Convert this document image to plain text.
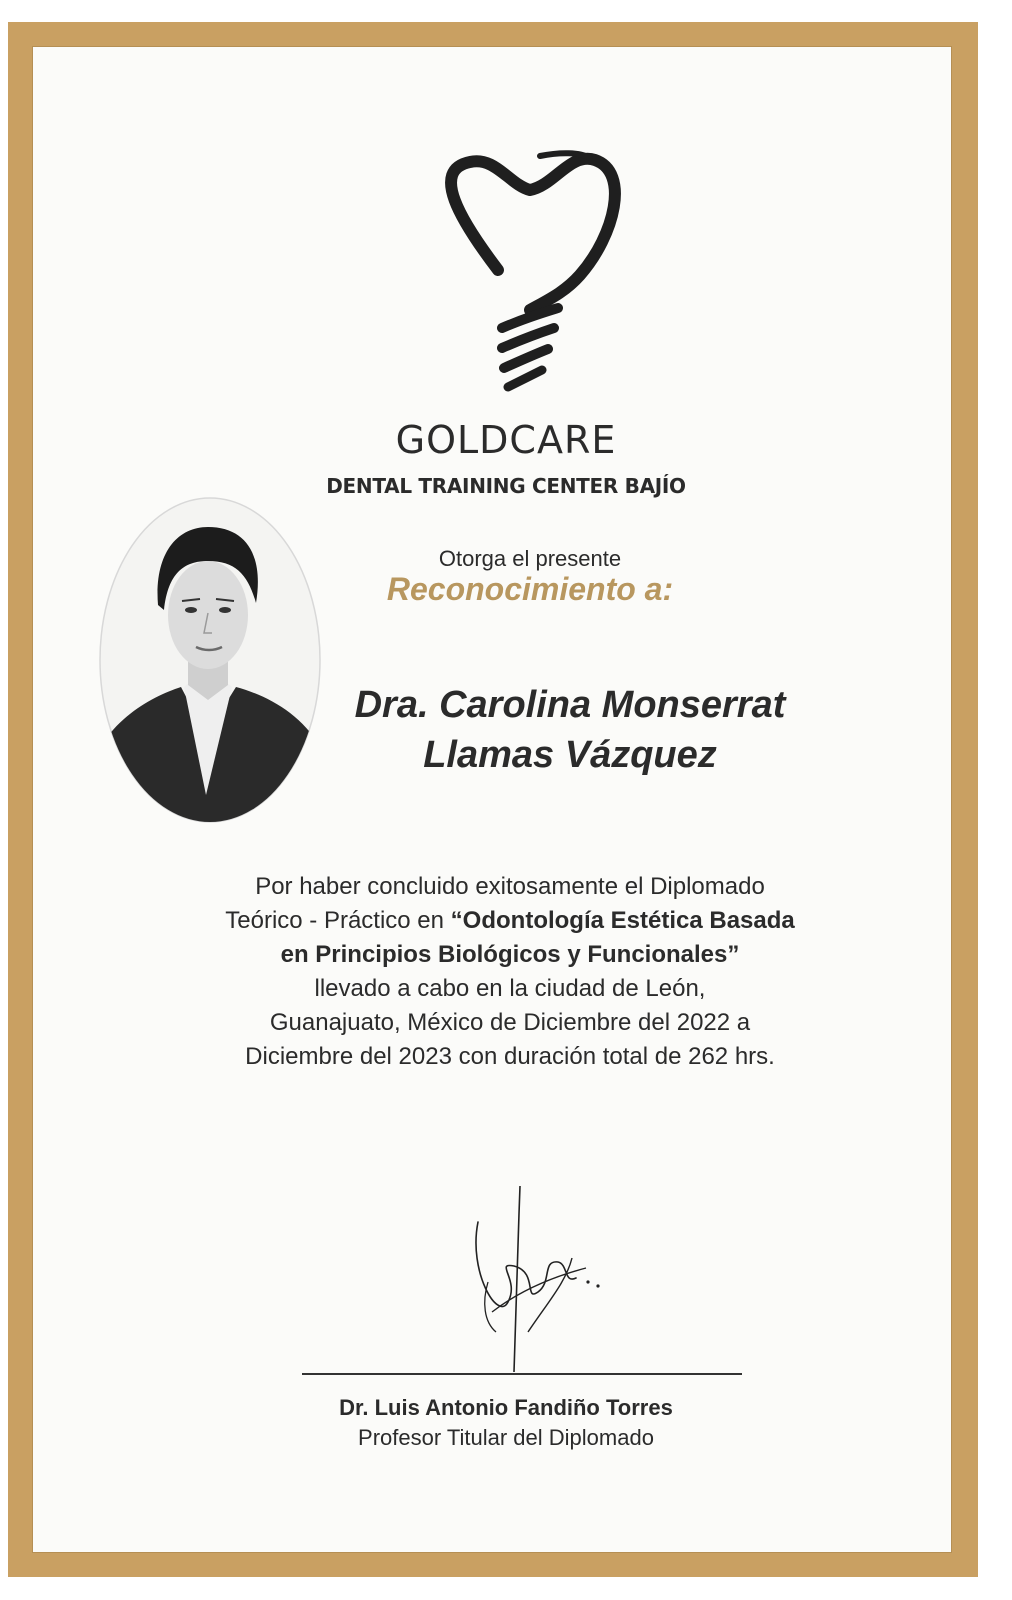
GOLDCARE
DENTAL TRAINING CENTER BAJÍO
Otorga el presente
Reconocimiento a:
Dra. Carolina Monserrat
Llamas Vázquez
Por haber concluido exitosamente el Diplomado
Teórico - Práctico en “Odontología Estética Basada
en Principios Biológicos y Funcionales”
llevado a cabo en la ciudad de León,
Guanajuato, México de Diciembre del 2022 a
Diciembre del 2023 con duración total de 262 hrs.
Dr. Luis Antonio Fandiño Torres
Profesor Titular del Diplomado
